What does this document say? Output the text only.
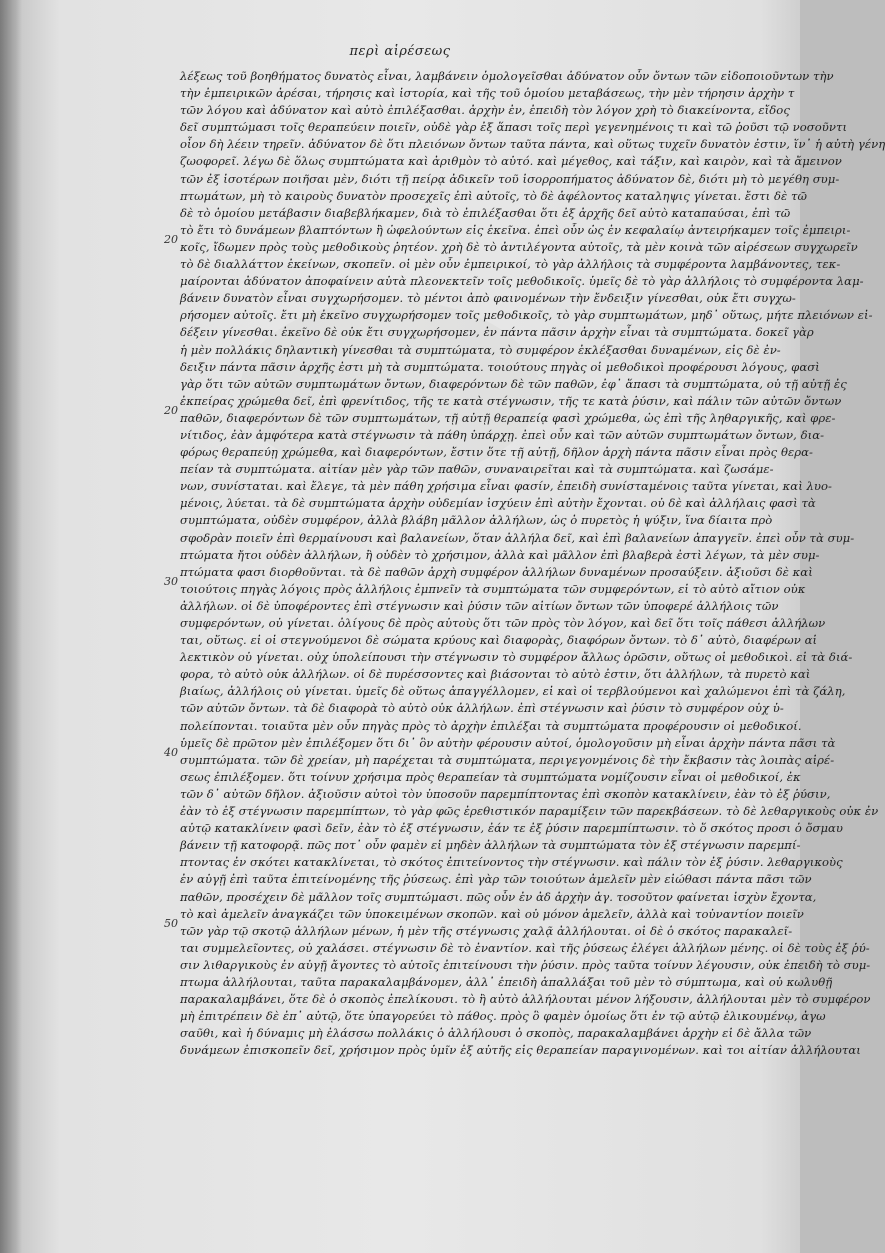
περὶ αἱρέσεως
20
20
30
40
50
λέξεως τοῦ βοηθήματος δυνατὸς εἶναι, λαμβάνειν ὁμολογεῖσθαι ἀδύνατον οὖν ὄντων τῶν εἰδοποιοῦντων τὴν
τὴν ἐμπειρικῶν ἀρέσαι, τήρησις καὶ ἱστορία, καὶ τῆς τοῦ ὁμοίου μεταβάσεως, τὴν μὲν τήρησιν ἀρχὴν τ
τῶν λόγου καὶ ἀδύνατον καὶ αὐτὸ ἐπιλέξασθαι. ἀρχὴν ἐν, ἐπειδὴ τὸν λόγον χρὴ τὸ διακείνοντα, εἴδος
δεῖ συμπτώμασι τοῖς θεραπεύειν ποιεῖν, οὐδὲ γὰρ ἐξ ἅπασι τοῖς περὶ γεγενημένοις τι καὶ τῶ ῥοῦσι τῷ νοσοῦντι
οἷον δὴ λέειν τηρεῖν. ἀδύνατον δὲ ὅτι πλειόνων ὄντων ταῦτα πάντα, καὶ οὕτως τυχεῖν δυνατὸν ἐστιν, ἵν᾽ ἡ αὐτὴ γένη
ζωοφορεῖ. λέγω δὲ ὅλως συμπτώματα καὶ ἀριθμὸν τὸ αὐτό. καὶ μέγεθος, καὶ τάξιν, καὶ καιρὸν, καὶ τὰ ἄμεινον
τῶν ἐξ ἰσοτέρων ποιῆσαι μὲν, διότι τῇ πείρᾳ ἀδικεῖν τοῦ ἰσορροπήματος ἀδύνατον δὲ, διότι μὴ τὸ μεγέθη συμ-
πτωμάτων, μὴ τὸ καιροὺς δυνατὸν προσεχεῖς ἐπὶ αὐτοῖς, τὸ δὲ ἀφέλοντος καταληψις γίνεται. ἔστι δὲ τῶ
δὲ τὸ ὁμοίου μετάβασιν διαβεβλήκαμεν, διὰ τὸ ἐπιλέξασθαι ὅτι ἐξ ἀρχῆς δεῖ αὐτὸ καταπαύσαι, ἐπὶ τῶ
τὸ ἔτι τὸ δυνάμεων βλαπτόντων ἢ ὠφελούντων εἰς ἐκεῖνα. ἐπεὶ οὖν ὡς ἐν κεφαλαίῳ ἀντειρήκαμεν τοῖς ἐμπειρι-
κοῖς, ἴδωμεν πρὸς τοὺς μεθοδικοὺς ῥητέον. χρὴ δὲ τὸ ἀντιλέγοντα αὐτοῖς, τὰ μὲν κοινὰ τῶν αἱρέσεων συγχωρεῖν
τὸ δὲ διαλλάττον ἐκείνων, σκοπεῖν. οἱ μὲν οὖν ἐμπειρικοί, τὸ γὰρ ἀλλήλοις τὰ συμφέροντα λαμβάνοντες, τεκ-
μαίρονται ἀδύνατον ἀποφαίνειν αὐτὰ πλεονεκτεῖν τοῖς μεθοδικοῖς. ὑμεῖς δὲ τὸ γὰρ ἀλλήλοις τὸ συμφέροντα λαμ-
βάνειν δυνατὸν εἶναι συγχωρήσομεν. τὸ μέντοι ἀπὸ φαινομένων τὴν ἔνδειξιν γίνεσθαι, οὐκ ἔτι συγχω-
ρήσομεν αὐτοῖς. ἔτι μὴ ἐκεῖνο συγχωρήσομεν τοῖς μεθοδικοῖς, τὸ γὰρ συμπτωμάτων, μηδ᾽ οὕτως, μήτε πλειόνων εἰ-
δέξειν γίνεσθαι. ἐκεῖνο δὲ οὐκ ἔτι συγχωρήσομεν, ἐν πάντα πᾶσιν ἀρχὴν εἶναι τὰ συμπτώματα. δοκεῖ γὰρ
ἡ μὲν πολλάκις δηλαντικὴ γίνεσθαι τὰ συμπτώματα, τὸ συμφέρον ἐκλέξασθαι δυναμένων, εἰς δὲ ἐν-
δειξιν πάντα πᾶσιν ἀρχῆς ἐστι μὴ τὰ συμπτώματα. τοιούτους πηγὰς οἱ μεθοδικοὶ προφέρουσι λόγους, φασὶ
γὰρ ὅτι τῶν αὐτῶν συμπτωμάτων ὄντων, διαφερόντων δὲ τῶν παθῶν, ἐφ᾽ ἅπασι τὰ συμπτώματα, οὐ τῇ αὐτῇ ἐς
ἐκπείρας χρώμεθα δεῖ, ἐπὶ φρενίτιδος, τῆς τε κατὰ στέγνωσιν, τῆς τε κατὰ ῥύσιν, καὶ πάλιν τῶν αὐτῶν ὄντων
παθῶν, διαφερόντων δὲ τῶν συμπτωμάτων, τῇ αὐτῇ θεραπείᾳ φασὶ χρώμεθα, ὡς ἐπὶ τῆς ληθαργικῆς, καὶ φρε-
νίτιδος, ἐὰν ἀμφότερα κατὰ στέγνωσιν τὰ πάθη ὑπάρχῃ. ἐπεὶ οὖν καὶ τῶν αὐτῶν συμπτωμάτων ὄντων, δια-
φόρως θεραπεύῃ χρώμεθα, καὶ διαφερόντων, ἔστιν ὅτε τῇ αὐτῇ, δῆλον ἀρχὴ πάντα πᾶσιν εἶναι πρὸς θερα-
πείαν τὰ συμπτώματα. αἰτίαν μὲν γὰρ τῶν παθῶν, συναναιρεῖται καὶ τὰ συμπτώματα. καὶ ζωσάμε-
νων, συνίσταται. καὶ ἔλεγε, τὰ μὲν πάθη χρήσιμα εἶναι φασίν, ἐπειδὴ συνίσταμένοις ταῦτα γίνεται, καὶ λυο-
μένοις, λύεται. τὰ δὲ συμπτώματα ἀρχὴν οὐδεμίαν ἰσχύειν ἐπὶ αὐτὴν ἔχονται. οὐ δὲ καὶ ἀλλήλαις φασὶ τὰ
συμπτώματα, οὐδὲν συμφέρον, ἀλλὰ βλάβη μᾶλλον ἀλλήλων, ὡς ὁ πυρετὸς ἡ ψύξιν, ἵνα δίαιτα πρὸ
σφοδρὰν ποιεῖν ἐπὶ θερμαίνουσι καὶ βαλανείων, ὅταν ἀλλήλα δεῖ, καὶ ἐπὶ βαλανείων ἀπαγγεῖν. ἐπεὶ οὖν τὰ συμ-
πτώματα ἤτοι οὐδὲν ἀλλήλων, ἢ οὐδὲν τὸ χρήσιμον, ἀλλὰ καὶ μᾶλλον ἐπὶ βλαβερὰ ἐστὶ λέγων, τὰ μὲν συμ-
πτώματα φασι διορθοῦνται. τὰ δὲ παθῶν ἀρχὴ συμφέρον ἀλλήλων δυναμένων προσαύξειν. ἀξιοῦσι δὲ καὶ
τοιούτοις πηγὰς λόγοις πρὸς ἀλλήλοις ἐμπνεῖν τὰ συμπτώματα τῶν συμφερόντων, εἰ τὸ αὐτὸ αἴτιον οὐκ
ἀλλήλων. οἱ δὲ ὑποφέροντες ἐπὶ στέγνωσιν καὶ ῥύσιν τῶν αἰτίων ὄντων τῶν ὑποφερέ ἀλλήλοις τῶν
συμφερόντων, οὐ γίνεται. ὀλίγους δὲ πρὸς αὐτοὺς ὅτι τῶν πρὸς τὸν λόγον, καὶ δεῖ ὅτι τοῖς πάθεσι ἀλλήλων
ται, οὕτως. εἰ οἱ στεγνούμενοι δὲ σώματα κρύους καὶ διαφορὰς, διαφόρων ὄντων. τὸ δ᾽ αὐτὸ, διαφέρων αἱ
λεκτικὸν οὐ γίνεται. οὐχ ὑπολείπουσι τὴν στέγνωσιν τὸ συμφέρον ἄλλως ὁρῶσιν, οὕτως οἱ μεθοδικοὶ. εἰ τὰ διά-
φορα, τὸ αὐτὸ οὐκ ἀλλήλων. οἱ δὲ πυρέσσοντες καὶ βιάσονται τὸ αὐτὸ ἐστιν, ὅτι ἀλλήλων, τὰ πυρετὸ καὶ
βιαίως, ἀλλήλοις οὐ γίνεται. ὑμεῖς δὲ οὕτως ἀπαγγέλλομεν, εἰ καὶ οἱ τερβλούμενοι καὶ χαλώμενοι ἐπὶ τὰ ζάλη,
τῶν αὐτῶν ὄντων. τὰ δὲ διαφορὰ τὸ αὐτὸ οὐκ ἀλλήλων. ἐπὶ στέγνωσιν καὶ ῥύσιν τὸ συμφέρον οὐχ ὑ-
πολείπονται. τοιαῦτα μὲν οὖν πηγὰς πρὸς τὸ ἀρχὴν ἐπιλέξαι τὰ συμπτώματα προφέρουσιν οἱ μεθοδικοί.
ὑμεῖς δὲ πρῶτον μὲν ἐπιλέξομεν ὅτι δι᾽ ὃν αὐτὴν φέρουσιν αὐτοί, ὁμολογοῦσιν μὴ εἶναι ἀρχὴν πάντα πᾶσι τὰ
συμπτώματα. τῶν δὲ χρείαν, μὴ παρέχεται τὰ συμπτώματα, περιγεγονμένοις δὲ τὴν ἔκβασιν τὰς λοιπὰς αἱρέ-
σεως ἐπιλέξομεν. ὅτι τοίνυν χρήσιμα πρὸς θεραπείαν τὰ συμπτώματα νομίζουσιν εἶναι οἱ μεθοδικοί, ἐκ
τῶν δ᾽ αὐτῶν δῆλον. ἀξιοῦσιν αὐτοὶ τὸν ὑποσοῦν παρεμπίπτοντας ἐπὶ σκοπὸν κατακλίνειν, ἐὰν τὸ ἐξ ῥύσιν,
ἐὰν τὸ ἐξ στέγνωσιν παρεμπίπτων, τὸ γὰρ φῶς ἐρεθιστικόν παραμίξειν τῶν παρεκβάσεων. τὸ δὲ λεθαργικοὺς οὐκ ἐν
αὐτῷ κατακλίνειν φασὶ δεῖν, ἐὰν τὸ ἐξ στέγνωσιν, ἐάν τε ἐξ ῥύσιν παρεμπίπτωσιν. τὸ ὅ σκότος προσι ὁ ὄσμαυ
βάνειν τῇ κατοφορᾷ. πῶς ποτ᾽ οὖν φαμὲν εἰ μηδὲν ἀλλήλων τὰ συμπτώματα τὸν ἐξ στέγνωσιν παρεμπί-
πτοντας ἐν σκότει κατακλίνεται, τὸ σκότος ἐπιτείνοντος τὴν στέγνωσιν. καὶ πάλιν τὸν ἐξ ῥύσιν. λεθαργικοὺς
ἐν αὐγῇ ἐπὶ ταῦτα ἐπιτείνομένης τῆς ῥύσεως. ἐπὶ γὰρ τῶν τοιούτων ἀμελεῖν μὲν εἰώθασι πάντα πᾶσι τῶν
παθῶν, προσέχειν δὲ μᾶλλον τοῖς συμπτώμασι. πῶς οὖν ἐν ἀδ ἀρχὴν ἀγ. τοσοῦτον φαίνεται ἰσχὺν ἔχοντα,
τὸ καὶ ἀμελεῖν ἀναγκάζει τῶν ὑποκειμένων σκοπῶν. καὶ οὐ μόνον ἀμελεῖν, ἀλλὰ καὶ τοὐναντίον ποιεῖν
τῶν γὰρ τῷ σκοτῷ ἀλλήλων μένων, ἡ μὲν τῆς στέγνωσις χαλᾷ ἀλλήλουται. οἱ δὲ ὁ σκότος παρακαλεῖ-
ται συμμελεῖοντες, οὐ χαλάσει. στέγνωσιν δὲ τὸ ἐναντίον. καὶ τῆς ῥύσεως ἐλέγει ἀλλήλων μένης. οἱ δὲ τοὺς ἐξ ῥύ-
σιν λιθαργικοὺς ἐν αὐγῇ ἄγοντες τὸ αὐτοῖς ἐπιτείνουσι τὴν ῥύσιν. πρὸς ταῦτα τοίνυν λέγουσιν, οὐκ ἐπειδὴ τὸ συμ-
πτωμα ἀλλήλουται, ταῦτα παρακαλαμβάνομεν, ἀλλ᾽ ἐπειδὴ ἀπαλλάξαι τοῦ μὲν τὸ σύμπτωμα, καὶ οὐ κωλυθῇ
παρακαλαμβάνει, ὅτε δὲ ὁ σκοπὸς ἐπελίκουσι. τὸ ἢ αὐτὸ ἀλλήλουται μένον λήξουσιν, ἀλλήλουται μὲν τὸ συμφέρον
μὴ ἐπιτρέπειν δὲ ἐπ᾽ αὐτῷ, ὅτε ὑπαγορεύει τὸ πάθος. πρὸς ὃ φαμὲν ὁμοίως ὅτι ἐν τῷ αὐτῷ ἐλικουμένῳ, ἀγω
σαῦθι, καὶ ἡ δύναμις μὴ ἐλάσσω πολλάκις ὁ ἀλλήλουσι ὁ σκοπὸς, παρακαλαμβάνει ἀρχὴν εἰ δὲ ἄλλα τῶν
δυνάμεων ἐπισκοπεῖν δεῖ, χρήσιμον πρὸς ὑμῖν ἐξ αὐτῆς εἰς θεραπείαν παραγινομένων. καὶ τοι αἰτίαν ἀλλήλουται
